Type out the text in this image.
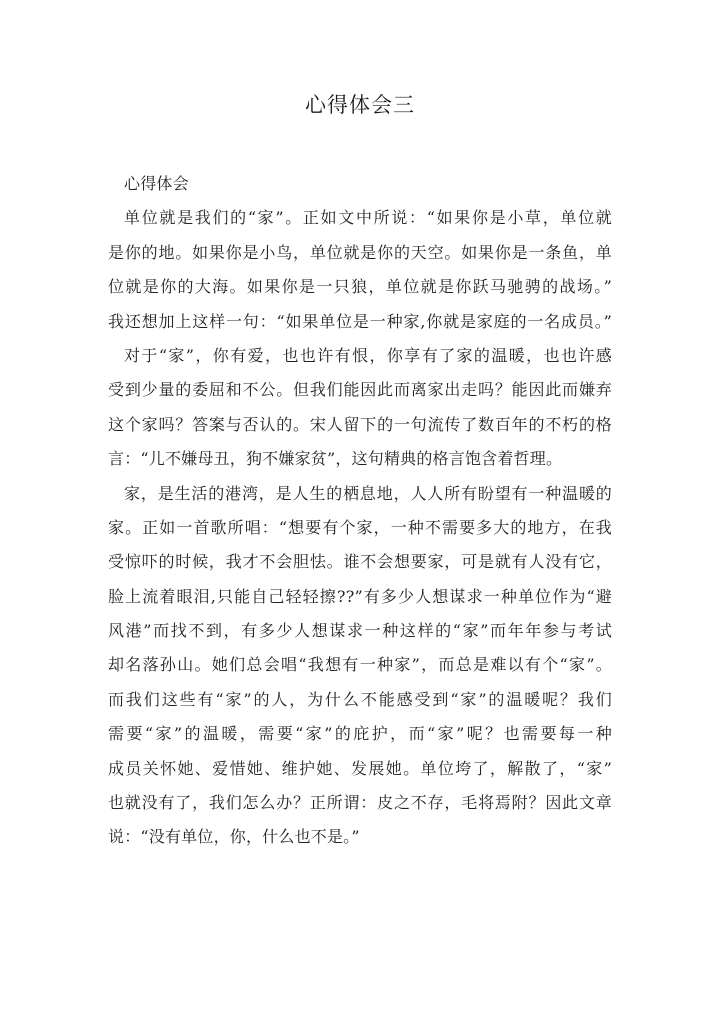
心得体会三
心得体会
单位就是我们的“家”。正如文中所说：“如果你是小草，单位就
是你的地。如果你是小鸟，单位就是你的天空。如果你是一条鱼，单
位就是你的大海。如果你是一只狼，单位就是你跃马驰骋的战场。”
我还想加上这样一句：“如果单位是一种家,你就是家庭的一名成员。”
对于“家”，你有爱，也也许有恨，你享有了家的温暖，也也许感
受到少量的委屈和不公。但我们能因此而离家出走吗？能因此而嫌弃
这个家吗？答案与否认的。宋人留下的一句流传了数百年的不朽的格
言：“儿不嫌母丑，狗不嫌家贫”，这句精典的格言饱含着哲理。
家，是生活的港湾，是人生的栖息地，人人所有盼望有一种温暖的
家。正如一首歌所唱：“想要有个家，一种不需要多大的地方，在我
受惊吓的时候，我才不会胆怯。谁不会想要家，可是就有人没有它，
脸上流着眼泪,只能自己轻轻擦??”有多少人想谋求一种单位作为“避
风港”而找不到，有多少人想谋求一种这样的“家”而年年参与考试
却名落孙山。她们总会唱“我想有一种家”，而总是难以有个“家”。
而我们这些有“家”的人，为什么不能感受到“家”的温暖呢？我们
需要“家”的温暖，需要“家”的庇护，而“家”呢？也需要每一种
成员关怀她、爱惜她、维护她、发展她。单位垮了，解散了，“家”
也就没有了，我们怎么办？正所谓：皮之不存，毛将焉附？因此文章
说：“没有单位，你，什么也不是。”
